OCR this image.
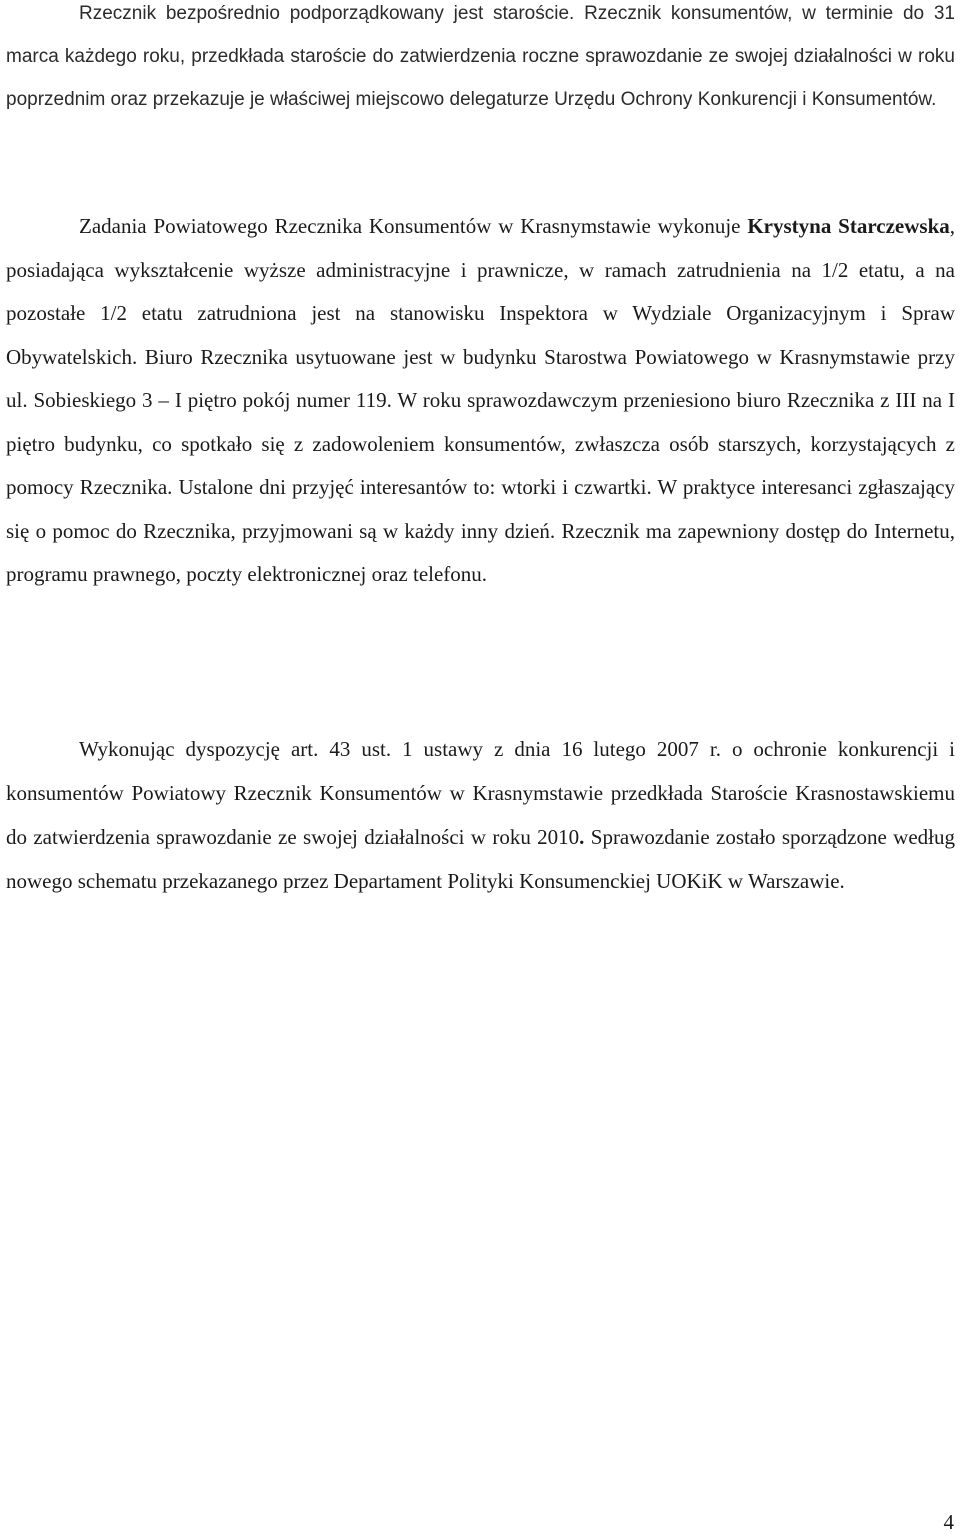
Rzecznik bezpośrednio podporządkowany jest staroście. Rzecznik konsumentów, w terminie do 31 marca każdego roku, przedkłada staroście do zatwierdzenia roczne sprawozdanie ze swojej działalności w roku poprzednim oraz przekazuje je właściwej miejscowo delegaturze Urzędu Ochrony Konkurencji i Konsumentów.

Zadania Powiatowego Rzecznika Konsumentów w Krasnymstawie wykonuje Krystyna Starczewska, posiadająca wykształcenie wyższe administracyjne i prawnicze, w ramach zatrudnienia na 1/2 etatu, a na pozostałe 1/2 etatu zatrudniona jest na stanowisku Inspektora w Wydziale Organizacyjnym i Spraw Obywatelskich. Biuro Rzecznika usytuowane jest w budynku Starostwa Powiatowego w Krasnymstawie przy ul. Sobieskiego 3 – I piętro pokój numer 119. W roku sprawozdawczym przeniesiono biuro Rzecznika z III na I piętro budynku, co spotkało się z zadowoleniem konsumentów, zwłaszcza osób starszych, korzystających z pomocy Rzecznika. Ustalone dni przyjęć interesantów to: wtorki i czwartki. W praktyce interesanci zgłaszający się o pomoc do Rzecznika, przyjmowani są w każdy inny dzień. Rzecznik ma zapewniony dostęp do Internetu, programu prawnego, poczty elektronicznej oraz telefonu.

Wykonując dyspozycję art. 43 ust. 1 ustawy z dnia 16 lutego 2007 r. o ochronie konkurencji i konsumentów Powiatowy Rzecznik Konsumentów w Krasnymstawie przedkłada Staroście Krasnostawskiemu do zatwierdzenia sprawozdanie ze swojej działalności w roku 2010. Sprawozdanie zostało sporządzone według nowego schematu przekazanego przez Departament Polityki Konsumenckiej UOKiK w Warszawie.

4
